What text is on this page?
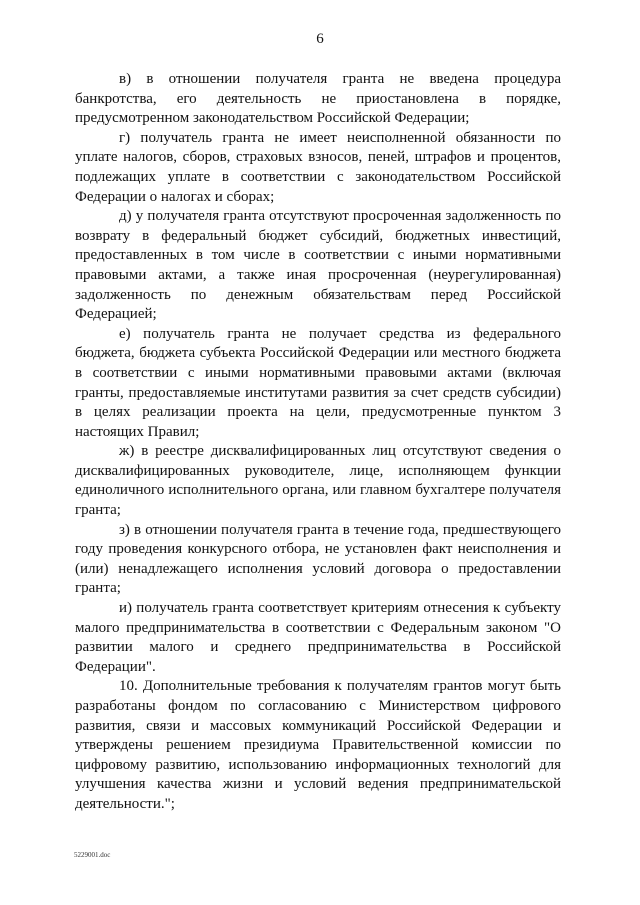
6

в) в отношении получателя гранта не введена процедура банкротства, его деятельность не приостановлена в порядке, предусмотренном законодательством Российской Федерации;

г) получатель гранта не имеет неисполненной обязанности по уплате налогов, сборов, страховых взносов, пеней, штрафов и процентов, подлежащих уплате в соответствии с законодательством Российской Федерации о налогах и сборах;

д) у получателя гранта отсутствуют просроченная задолженность по возврату в федеральный бюджет субсидий, бюджетных инвестиций, предоставленных в том числе в соответствии с иными нормативными правовыми актами, а также иная просроченная (неурегулированная) задолженность по денежным обязательствам перед Российской Федерацией;

е) получатель гранта не получает средства из федерального бюджета, бюджета субъекта Российской Федерации или местного бюджета в соответствии с иными нормативными правовыми актами (включая гранты, предоставляемые институтами развития за счет средств субсидии) в целях реализации проекта на цели, предусмотренные пунктом 3 настоящих Правил;

ж) в реестре дисквалифицированных лиц отсутствуют сведения о дисквалифицированных руководителе, лице, исполняющем функции единоличного исполнительного органа, или главном бухгалтере получателя гранта;

з) в отношении получателя гранта в течение года, предшествующего году проведения конкурсного отбора, не установлен факт неисполнения и (или) ненадлежащего исполнения условий договора о предоставлении гранта;

и) получатель гранта соответствует критериям отнесения к субъекту малого предпринимательства в соответствии с Федеральным законом "О развитии малого и среднего предпринимательства в Российской Федерации".

10. Дополнительные требования к получателям грантов могут быть разработаны фондом по согласованию с Министерством цифрового развития, связи и массовых коммуникаций Российской Федерации и утверждены решением президиума Правительственной комиссии по цифровому развитию, использованию информационных технологий для улучшения качества жизни и условий ведения предпринимательской деятельности.";

5229001.doc
